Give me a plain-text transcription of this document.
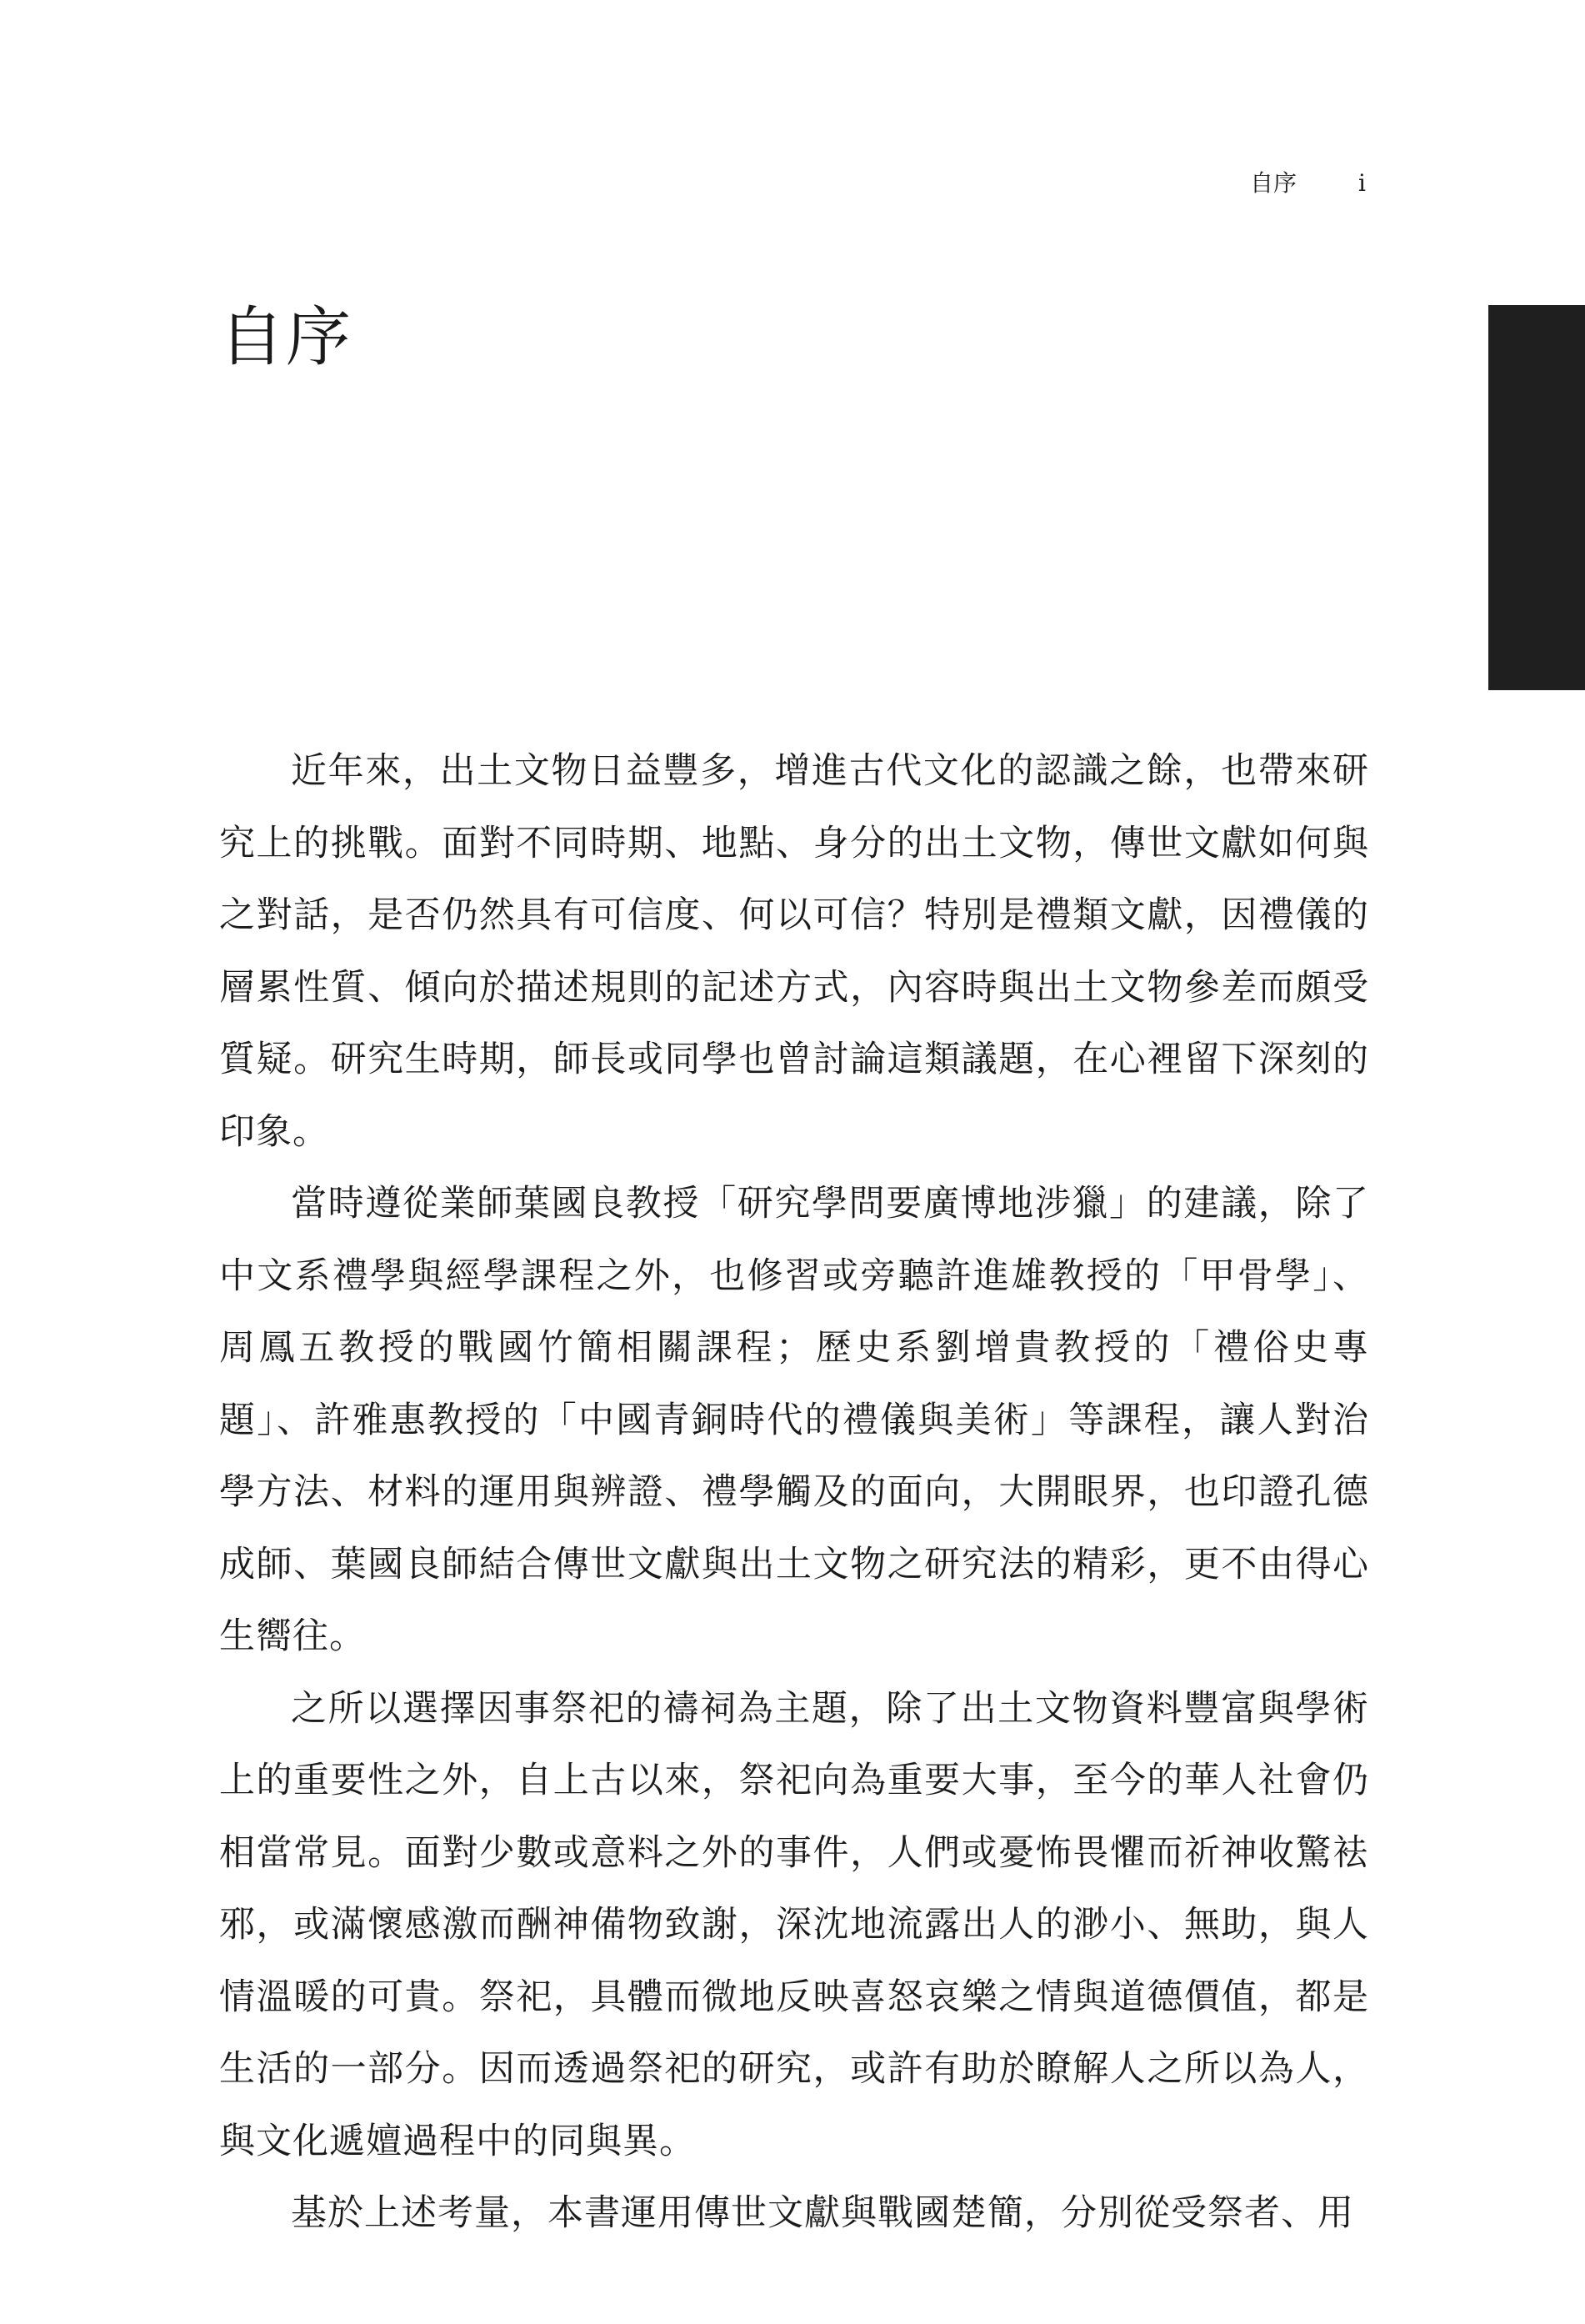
自序	i
自序

近年來，出土文物日益豐多，增進古代文化的認識之餘，也帶來研究上的挑戰。面對不同時期、地點、身分的出土文物，傳世文獻如何與之對話，是否仍然具有可信度、何以可信？特別是禮類文獻，因禮儀的層累性質、傾向於描述規則的記述方式，內容時與出土文物參差而頗受質疑。研究生時期，師長或同學也曾討論這類議題，在心裡留下深刻的印象。

當時遵從業師葉國良教授「研究學問要廣博地涉獵」的建議，除了中文系禮學與經學課程之外，也修習或旁聽許進雄教授的「甲骨學」、周鳳五教授的戰國竹簡相關課程；歷史系劉增貴教授的「禮俗史專題」、許雅惠教授的「中國青銅時代的禮儀與美術」等課程，讓人對治學方法、材料的運用與辨證、禮學觸及的面向，大開眼界，也印證孔德成師、葉國良師結合傳世文獻與出土文物之研究法的精彩，更不由得心生嚮往。

之所以選擇因事祭祀的禱祠為主題，除了出土文物資料豐富與學術上的重要性之外，自上古以來，祭祀向為重要大事，至今的華人社會仍相當常見。面對少數或意料之外的事件，人們或憂怖畏懼而祈神收驚袪邪，或滿懷感激而酬神備物致謝，深沈地流露出人的渺小、無助，與人情溫暖的可貴。祭祀，具體而微地反映喜怒哀樂之情與道德價值，都是生活的一部分。因而透過祭祀的研究，或許有助於瞭解人之所以為人，與文化遞嬗過程中的同與異。

基於上述考量，本書運用傳世文獻與戰國楚簡，分別從受祭者、用
